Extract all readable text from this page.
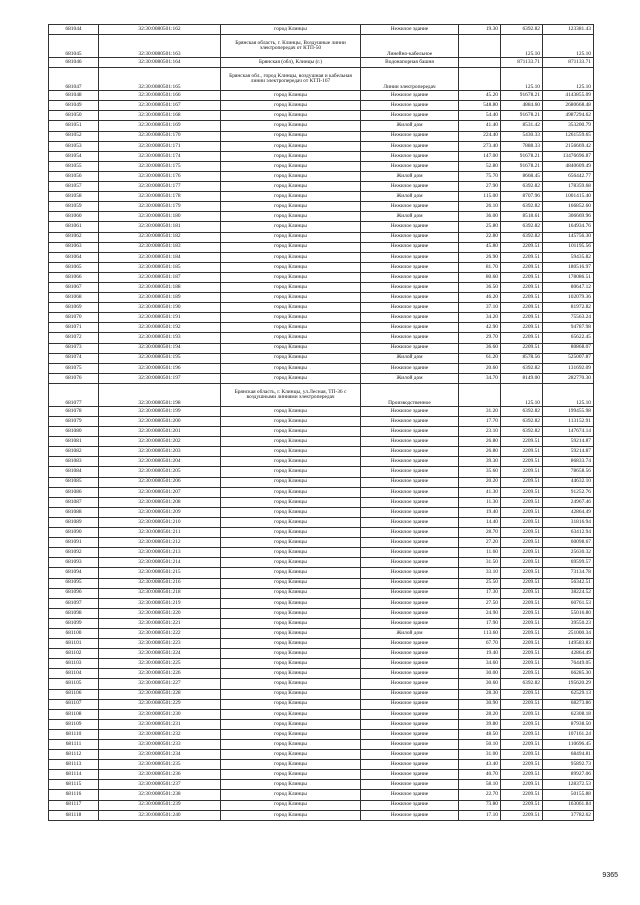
681044	32:30:0080501:162	город Клинцы	Нежилое здание	19.30	6392.82	123381.43
681045	32:30:0080501:163	Брянская область, г. Клинцы, Воздушные линии электропередач от КТП-50	Линейно-кабельное		125.10	125.10
681046	32:30:0080501:164	Брянская (обл), Клинцы (г.)	Водонапорная башня		871133.71	871133.71
681047	32:30:0080501:165	Брянская обл., город Клинцы, воздушная и кабельная линии электропередач от КТП-167	Линии электропередач		125.10	125.10
681048	32:30:0080501:166	город Клинцы	Нежилое здание	45.20	91678.21	4143855.09
681049	32:30:0080501:167	город Клинцы	Нежилое здание	548.80	4884.60	2680668.48
681050	32:30:0080501:168	город Клинцы	Нежилое здание	54.40	91678.21	4987294.62
681051	32:30:0080501:169	город Клинцы	Жилой дом	41.40	8531.42	353200.79
681052	32:30:0080501:170	город Клинцы	Нежилое здание	224.40	5430.33	1261559.65
681053	32:30:0080501:171	город Клинцы	Нежилое здание	273.40	7888.33	2156669.42
681054	32:30:0080501:174	город Клинцы	Нежилое здание	147.00	91678.21	13476696.87
681055	32:30:0080501:175	город Клинцы	Нежилое здание	52.80	91678.21	4840609.49
681056	32:30:0080501:176	город Клинцы	Жилой дом	75.70	8668.45	656442.77
681057	32:30:0080501:177	город Клинцы	Нежилое здание	27.90	6392.82	178359.68
681058	32:30:0080501:178	город Клинцы	Жилой дом	115.00	8707.96	1001415.40
681059	32:30:0080501:179	город Клинцы	Нежилое здание	26.10	6392.82	166852.60
681060	32:30:0080501:180	город Клинцы	Жилой дом	36.00	8518.61	306669.96
681061	32:30:0080501:181	город Клинцы	Нежилое здание	25.80	6392.82	164934.76
681062	32:30:0080501:182	город Клинцы	Нежилое здание	22.80	6392.82	145756.30
681063	32:30:0080501:183	город Клинцы	Нежилое здание	45.80	2209.51	101195.56
681064	32:30:0080501:184	город Клинцы	Нежилое здание	26.90	2209.51	59435.82
681065	32:30:0080501:185	город Клинцы	Нежилое здание	81.70	2209.51	180516.97
681066	32:30:0080501:187	город Клинцы	Нежилое здание	80.60	2209.51	178086.51
681067	32:30:0080501:188	город Клинцы	Нежилое здание	36.50	2209.51	80647.12
681068	32:30:0080501:189	город Клинцы	Нежилое здание	46.20	2209.51	102079.36
681069	32:30:0080501:190	город Клинцы	Нежилое здание	37.10	2209.51	81972.82
681070	32:30:0080501:191	город Клинцы	Нежилое здание	34.20	2209.51	75563.24
681071	32:30:0080501:192	город Клинцы	Нежилое здание	42.90	2209.51	94787.98
681072	32:30:0080501:193	город Клинцы	Нежилое здание	29.70	2209.51	65622.45
681073	32:30:0080501:194	город Клинцы	Нежилое здание	36.60	2209.51	80868.07
681074	32:30:0080501:195	город Клинцы	Жилой дом	61.20	8578.56	525007.87
681075	32:30:0080501:196	город Клинцы	Нежилое здание	20.60	6392.82	131692.09
681076	32:30:0080501:197	город Клинцы	Жилой дом	34.70	8149.00	282770.30
681077	32:30:0080501:198	Брянская область, г. Клинцы, ул.Лесная, ТП-36 с воздушными линиями электропередач	Производственное		125.10	125.10
681078	32:30:0080501:199	город Клинцы	Нежилое здание	31.20	6392.82	199455.98
681079	32:30:0080501:200	город Клинцы	Нежилое здание	17.70	6392.82	113152.91
681080	32:30:0080501:201	город Клинцы	Нежилое здание	23.10	6392.82	147674.14
681081	32:30:0080501:202	город Клинцы	Нежилое здание	26.80	2209.51	59214.87
681082	32:30:0080501:203	город Клинцы	Нежилое здание	26.80	2209.51	59214.87
681083	32:30:0080501:204	город Клинцы	Нежилое здание	39.30	2209.51	86833.74
681084	32:30:0080501:205	город Клинцы	Нежилое здание	35.60	2209.51	78658.56
681085	32:30:0080501:206	город Клинцы	Нежилое здание	20.20	2209.51	44632.10
681086	32:30:0080501:207	город Клинцы	Нежилое здание	41.30	2209.51	91252.76
681087	32:30:0080501:208	город Клинцы	Нежилое здание	11.30	2209.51	24967.46
681088	32:30:0080501:209	город Клинцы	Нежилое здание	19.40	2209.51	42864.49
681089	32:30:0080501:210	город Клинцы	Нежилое здание	14.40	2209.51	31816.94
681090	32:30:0080501:211	город Клинцы	Нежилое здание	28.70	2209.51	63412.94
681091	32:30:0080501:212	город Клинцы	Нежилое здание	27.20	2209.51	60098.67
681092	32:30:0080501:213	город Клинцы	Нежилое здание	11.60	2209.51	25630.32
681093	32:30:0080501:214	город Клинцы	Нежилое здание	31.50	2209.51	69599.57
681094	32:30:0080501:215	город Клинцы	Нежилое здание	33.10	2209.51	73134.78
681095	32:30:0080501:216	город Клинцы	Нежилое здание	25.50	2209.51	56342.51
681096	32:30:0080501:218	город Клинцы	Нежилое здание	17.30	2209.51	38224.52
681097	32:30:0080501:219	город Клинцы	Нежилое здание	27.50	2209.51	60761.53
681098	32:30:0080501:220	город Клинцы	Нежилое здание	24.90	2209.51	55016.80
681099	32:30:0080501:221	город Клинцы	Нежилое здание	17.90	2209.51	39550.23
681100	32:30:0080501:222	город Клинцы	Жилой дом	113.60	2209.51	251000.34
681101	32:30:0080501:223	город Клинцы	Нежилое здание	67.70	2209.51	149583.83
681102	32:30:0080501:224	город Клинцы	Нежилое здание	19.40	2209.51	42864.49
681103	32:30:0080501:225	город Клинцы	Нежилое здание	34.60	2209.51	76449.05
681104	32:30:0080501:226	город Клинцы	Нежилое здание	30.00	2209.51	66285.30
681105	32:30:0080501:227	город Клинцы	Нежилое здание	30.60	6392.82	195620.29
681106	32:30:0080501:228	город Клинцы	Нежилое здание	28.30	2209.51	62529.13
681107	32:30:0080501:229	город Клинцы	Нежилое здание	30.90	2209.51	68273.86
681108	32:30:0080501:230	город Клинцы	Нежилое здание	28.20	2209.51	62308.18
681109	32:30:0080501:231	город Клинцы	Нежилое здание	39.80	2209.51	87938.50
681110	32:30:0080501:232	город Клинцы	Нежилое здание	48.50	2209.51	107161.24
681111	32:30:0080501:233	город Клинцы	Нежилое здание	50.10	2209.51	110696.45
681112	32:30:0080501:234	город Клинцы	Нежилое здание	31.00	2209.51	68494.81
681113	32:30:0080501:235	город Клинцы	Нежилое здание	43.40	2209.51	95892.73
681114	32:30:0080501:236	город Клинцы	Нежилое здание	40.70	2209.51	89927.06
681115	32:30:0080501:237	город Клинцы	Нежилое здание	58.10	2209.51	128372.53
681116	32:30:0080501:238	город Клинцы	Нежилое здание	22.70	2209.51	50155.88
681117	32:30:0080501:239	город Клинцы	Нежилое здание	73.80	2209.51	163061.84
681118	32:30:0080501:240	город Клинцы	Нежилое здание	17.10	2209.51	37782.62
9365
